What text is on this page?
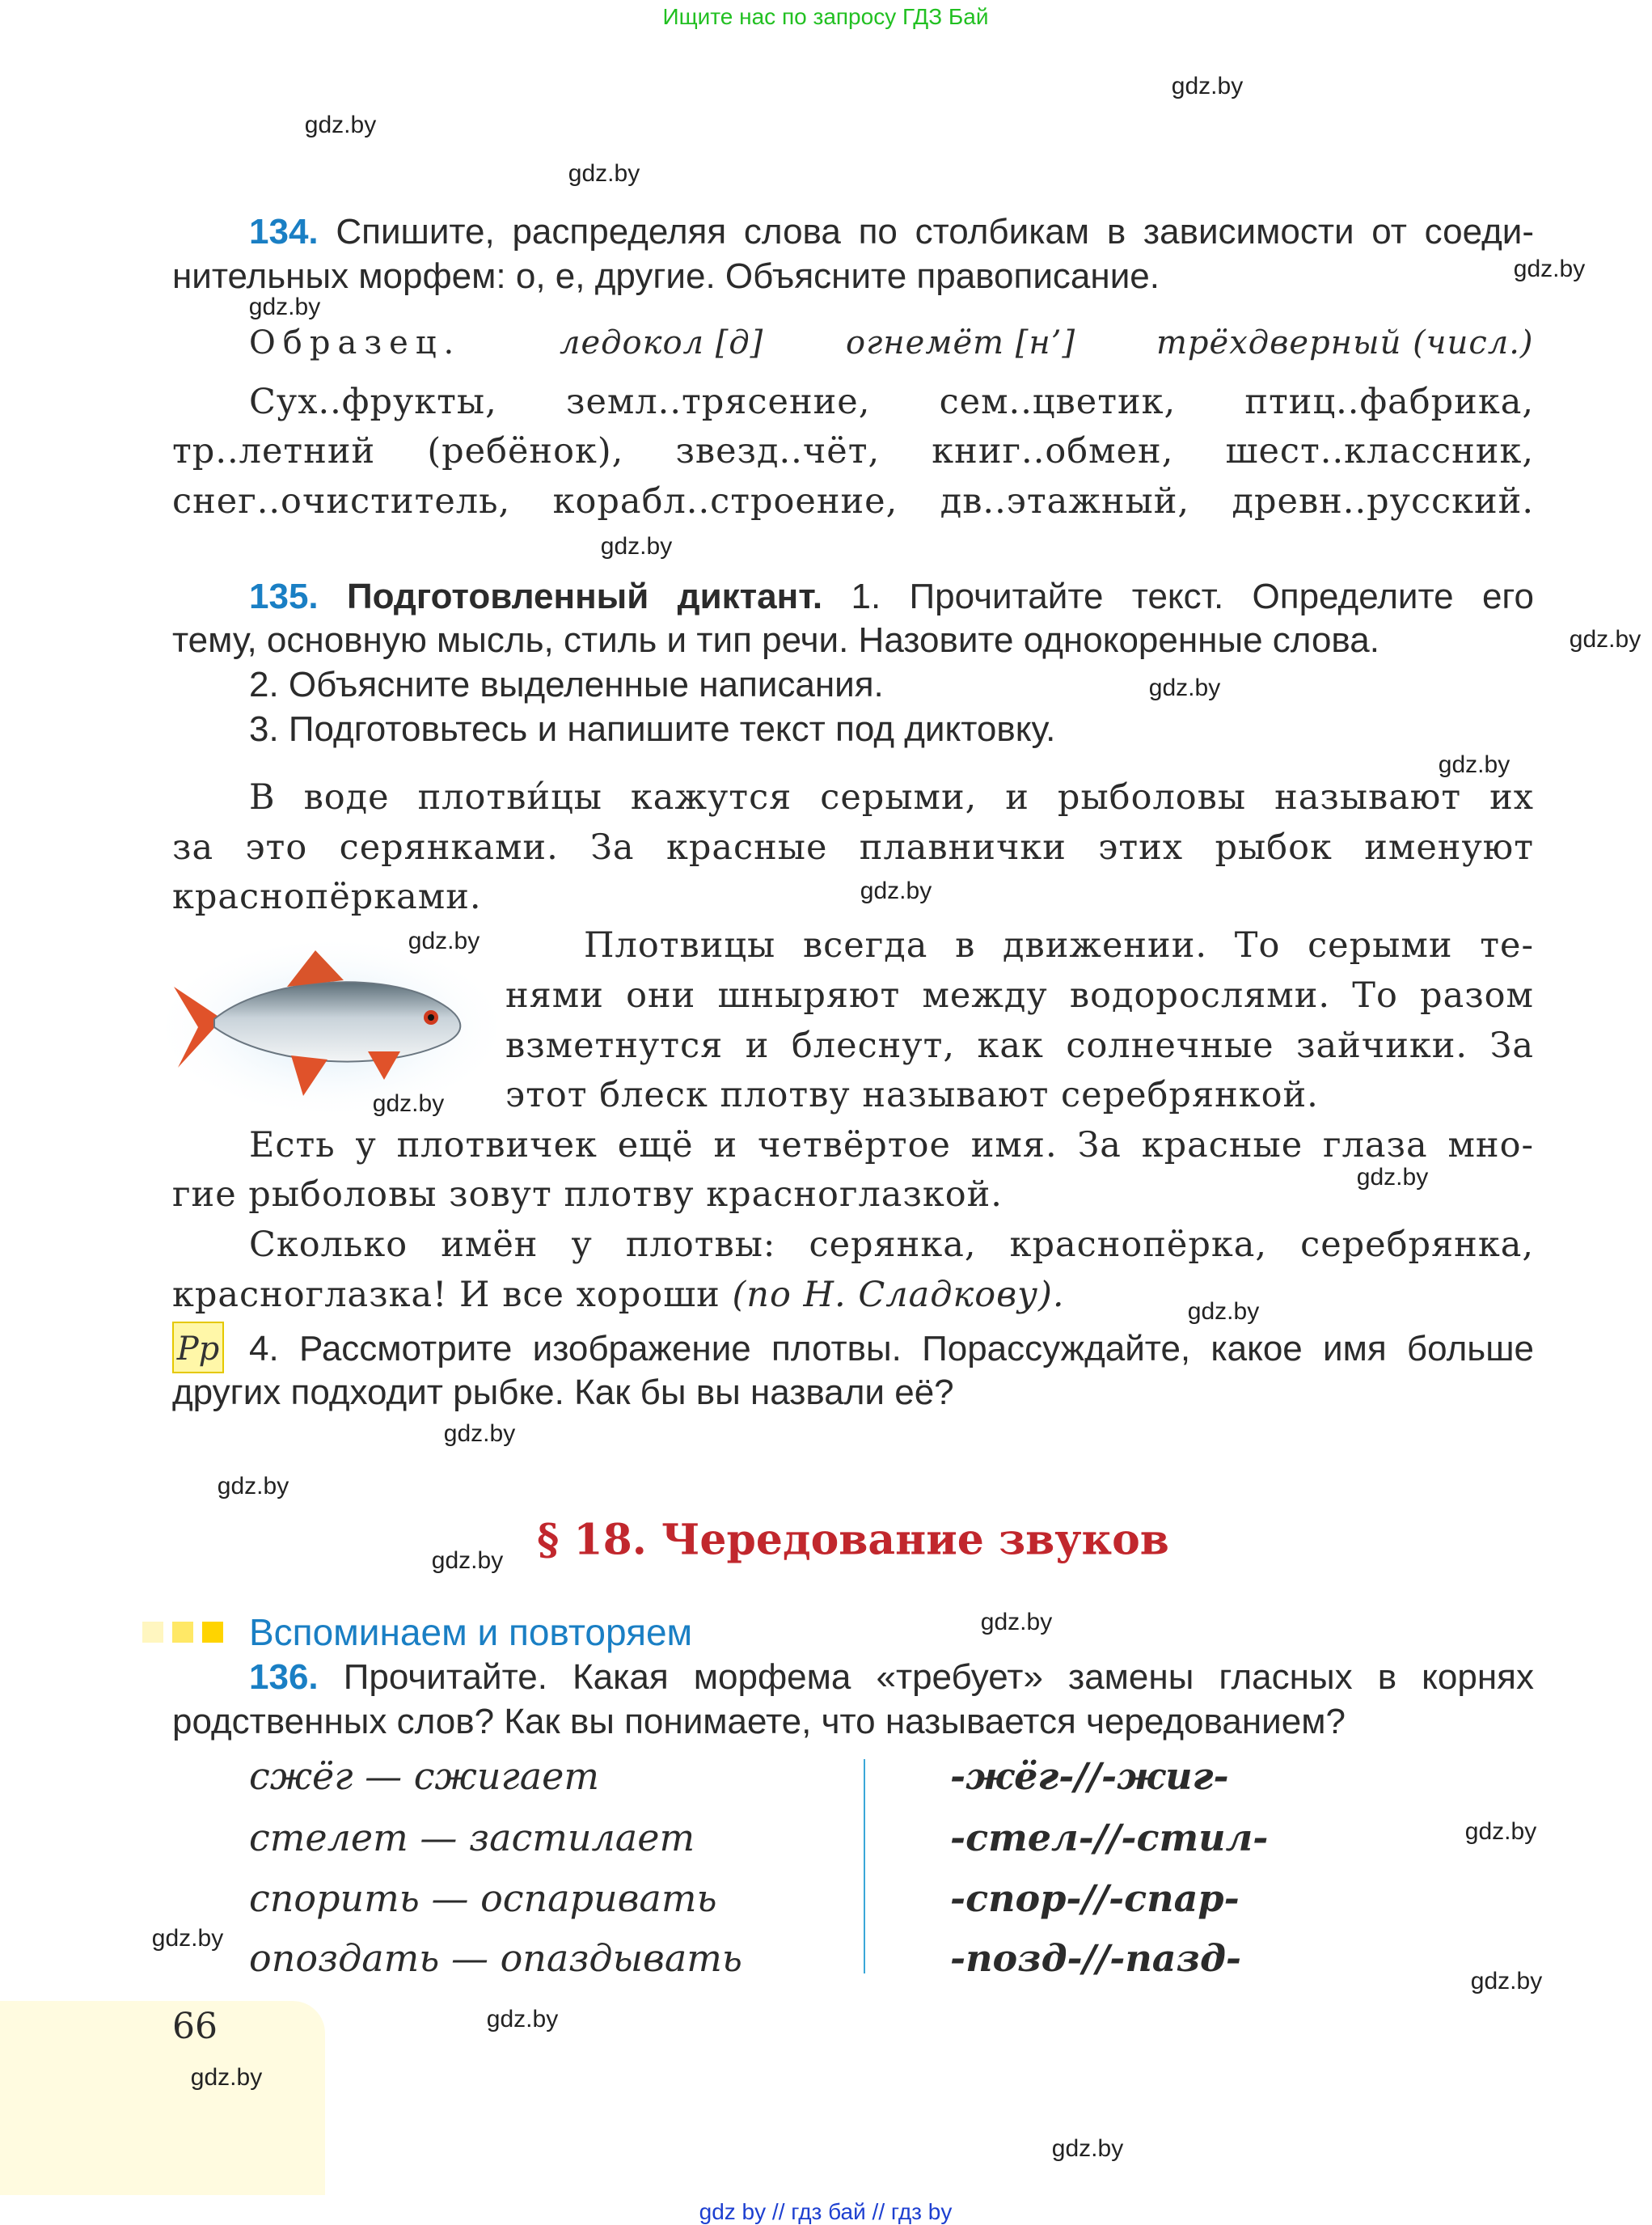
Ищите нас по запросу ГДЗ Бай
134. Спишите, распределяя слова по столбикам в зависимости от соеди-
нительных морфем: о, е, другие. Объясните правописание.
Образец.	ледокол [д]	огнемёт [н’] трёхдверный (числ.)
Сух..фрукты, земл..трясение, сем..цветик, птиц..фабрика,
тр..летний (ребёнок), звезд..чёт, книг..обмен, шест..классник,
снег..очиститель, корабл..строение, дв..этажный, древн..русский.
135. Подготовленный диктант. 1. Прочитайте текст. Определите его
тему, основную мысль, стиль и тип речи. Назовите однокоренные слова.
2. Объясните выделенные написания.
3. Подготовьтесь и напишите текст под диктовку.
В воде плотви́цы кажутся серыми, и рыболовы называют их
за это серянками. За красные плавнички этих рыбок именуют
краснопёрками.
Плотвицы всегда в движении. То серыми те-
нями они шныряют между водорослями. То разом
взметнутся и блеснут, как солнечные зайчики. За
этот блеск плотву называют серебрянкой.
Есть у плотвичек ещё и четвёртое имя. За красные глаза мно-
гие рыболовы зовут плотву красноглазкой.
Сколько имён у плотвы: серянка, краснопёрка, серебрянка,
красноглазка! И все хороши (по Н. Сладкову).
Рр 4. Рассмотрите изображение плотвы. Порассуждайте, какое имя больше
других подходит рыбке. Как бы вы назвали её?
§ 18. Чередование звуков
Вспоминаем и повторяем
136. Прочитайте. Какая морфема «требует» замены гласных в корнях
родственных слов? Как вы понимаете, что называется чередованием?
сжёг — сжигает
стелет — застилает
спорить — оспаривать
опоздать — опаздывать
-жёг-//-жиг-
-стел-//-стил-
-спор-//-спар-
-позд-//-пазд-
66
gdz.by
gdz.by
gdz.by
gdz.by
gdz.by
gdz.by
gdz.by
gdz.by
gdz.by
gdz.by
gdz.by
gdz.by
gdz.by
gdz.by
gdz.by
gdz.by
gdz.by
gdz.by
gdz.by
gdz.by
gdz.by
gdz.by
gdz.by
gdz.by
gdz by // гдз бай // гдз by
